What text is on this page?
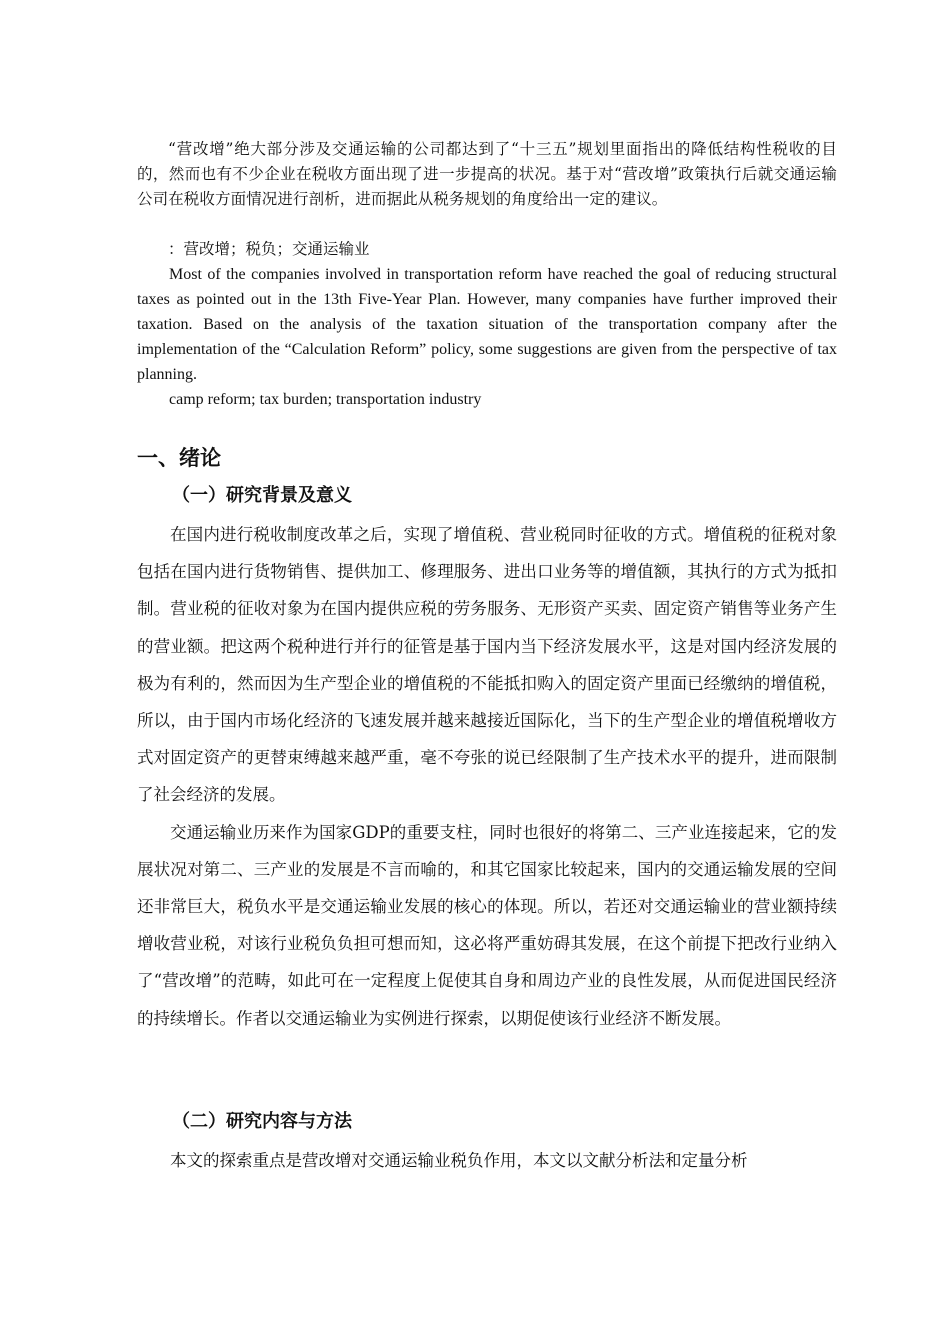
“营改增”绝大部分涉及交通运输的公司都达到了“十三五”规划里面指出的降低结构性税收的目的，然而也有不少企业在税收方面出现了进一步提高的状况。基于对“营改增”政策执行后就交通运输公司在税收方面情况进行剖析，进而据此从税务规划的角度给出一定的建议。

：营改增；税负；交通运输业

Most of the companies involved in transportation reform have reached the goal of reducing structural taxes as pointed out in the 13th Five-Year Plan. However, many companies have further improved their taxation. Based on the analysis of the taxation situation of the transportation company after the implementation of the “Calculation Reform” policy, some suggestions are given from the perspective of tax planning.

camp reform; tax burden; transportation industry

一、绪论
（一）研究背景及意义

在国内进行税收制度改革之后，实现了增值税、营业税同时征收的方式。增值税的征税对象包括在国内进行货物销售、提供加工、修理服务、进出口业务等的增值额，其执行的方式为抵扣制。营业税的征收对象为在国内提供应税的劳务服务、无形资产买卖、固定资产销售等业务产生的营业额。把这两个税种进行并行的征管是基于国内当下经济发展水平，这是对国内经济发展的极为有利的，然而因为生产型企业的增值税的不能抵扣购入的固定资产里面已经缴纳的增值税，所以，由于国内市场化经济的飞速发展并越来越接近国际化，当下的生产型企业的增值税增收方式对固定资产的更替束缚越来越严重，毫不夸张的说已经限制了生产技术水平的提升，进而限制了社会经济的发展。

交通运输业历来作为国家GDP的重要支柱，同时也很好的将第二、三产业连接起来，它的发展状况对第二、三产业的发展是不言而喻的，和其它国家比较起来，国内的交通运输发展的空间还非常巨大，税负水平是交通运输业发展的核心的体现。所以，若还对交通运输业的营业额持续增收营业税，对该行业税负负担可想而知，这必将严重妨碍其发展，在这个前提下把改行业纳入了“营改增”的范畴，如此可在一定程度上促使其自身和周边产业的良性发展，从而促进国民经济的持续增长。作者以交通运输业为实例进行探索，以期促使该行业经济不断发展。

（二）研究内容与方法

本文的探索重点是营改增对交通运输业税负作用，本文以文献分析法和定量分析
